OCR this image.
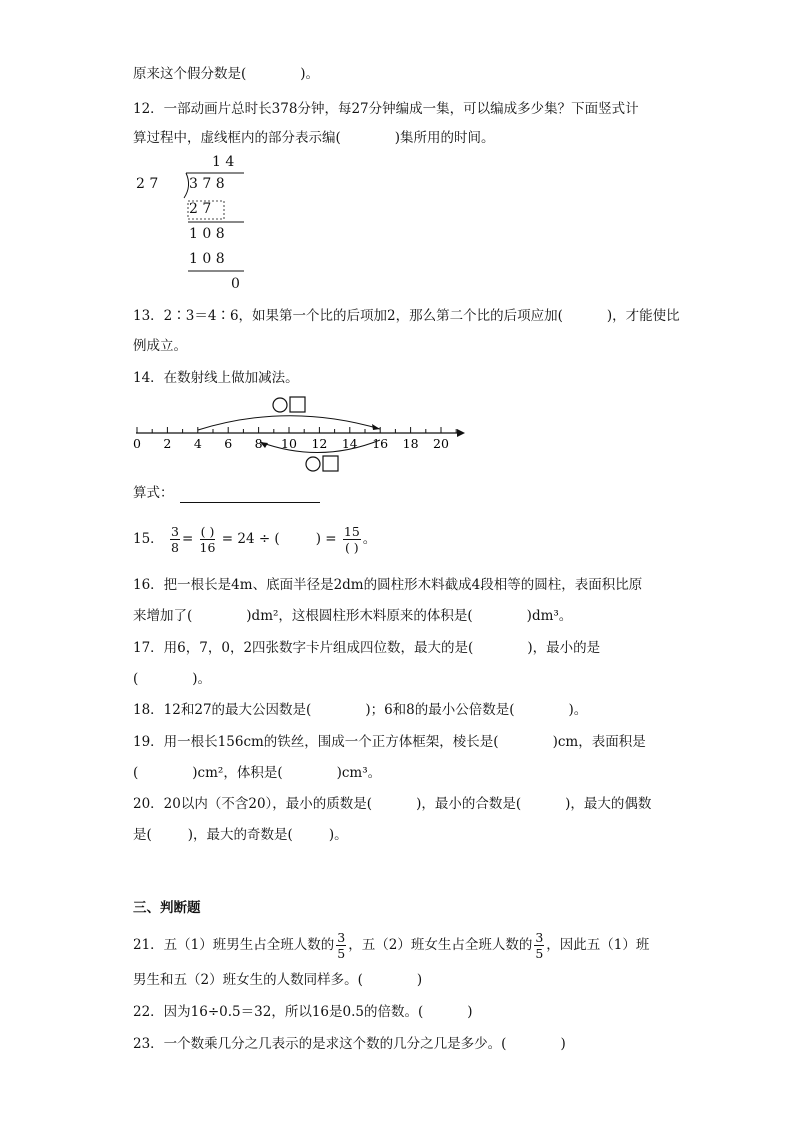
原来这个假分数是(	)。
12．一部动画片总时长378分钟，每27分钟编成一集，可以编成多少集？下面竖式计
算过程中，虚线框内的部分表示编(	)集所用的时间。
1 4
2 7 3 7 8
2 7
1 0 8
1 0 8
0
13．2∶3＝4∶6，如果第一个比的后项加2，那么第二个比的后项应加(	)，才能使比
例成立。
14．在数射线上做加减法。
0 2 4 6 8 10 12 14 16 18 20
算式：
15． $\frac{3}{8} = \frac{( )}{16} = 24$ ÷ (	) = $\frac{15}{( )}$ 。
16．把一根长是4m、底面半径是2dm的圆柱形木料截成4段相等的圆柱，表面积比原
来增加了(	)dm²，这根圆柱形木料原来的体积是(	)dm³。
17．用6，7，0，2四张数字卡片组成四位数，最大的是(	)，最小的是
(	)。
18．12和27的最大公因数是(	)；6和8的最小公倍数是(	)。
19．用一根长156cm的铁丝，围成一个正方体框架，棱长是(	)cm，表面积是
(	)cm²，体积是(	)cm³。
20．20以内（不含20），最小的质数是(	)，最小的合数是(	)，最大的偶数
是(	)，最大的奇数是(	)。
三、判断题
21．五（1）班男生占全班人数的 $\frac{3}{5}$ ，五（2）班女生占全班人数的 $\frac{3}{5}$ ，因此五（1）班
男生和五（2）班女生的人数同样多。(	)
22．因为16÷0.5＝32，所以16是0.5的倍数。(	)
23．一个数乘几分之几表示的是求这个数的几分之几是多少。(	)
